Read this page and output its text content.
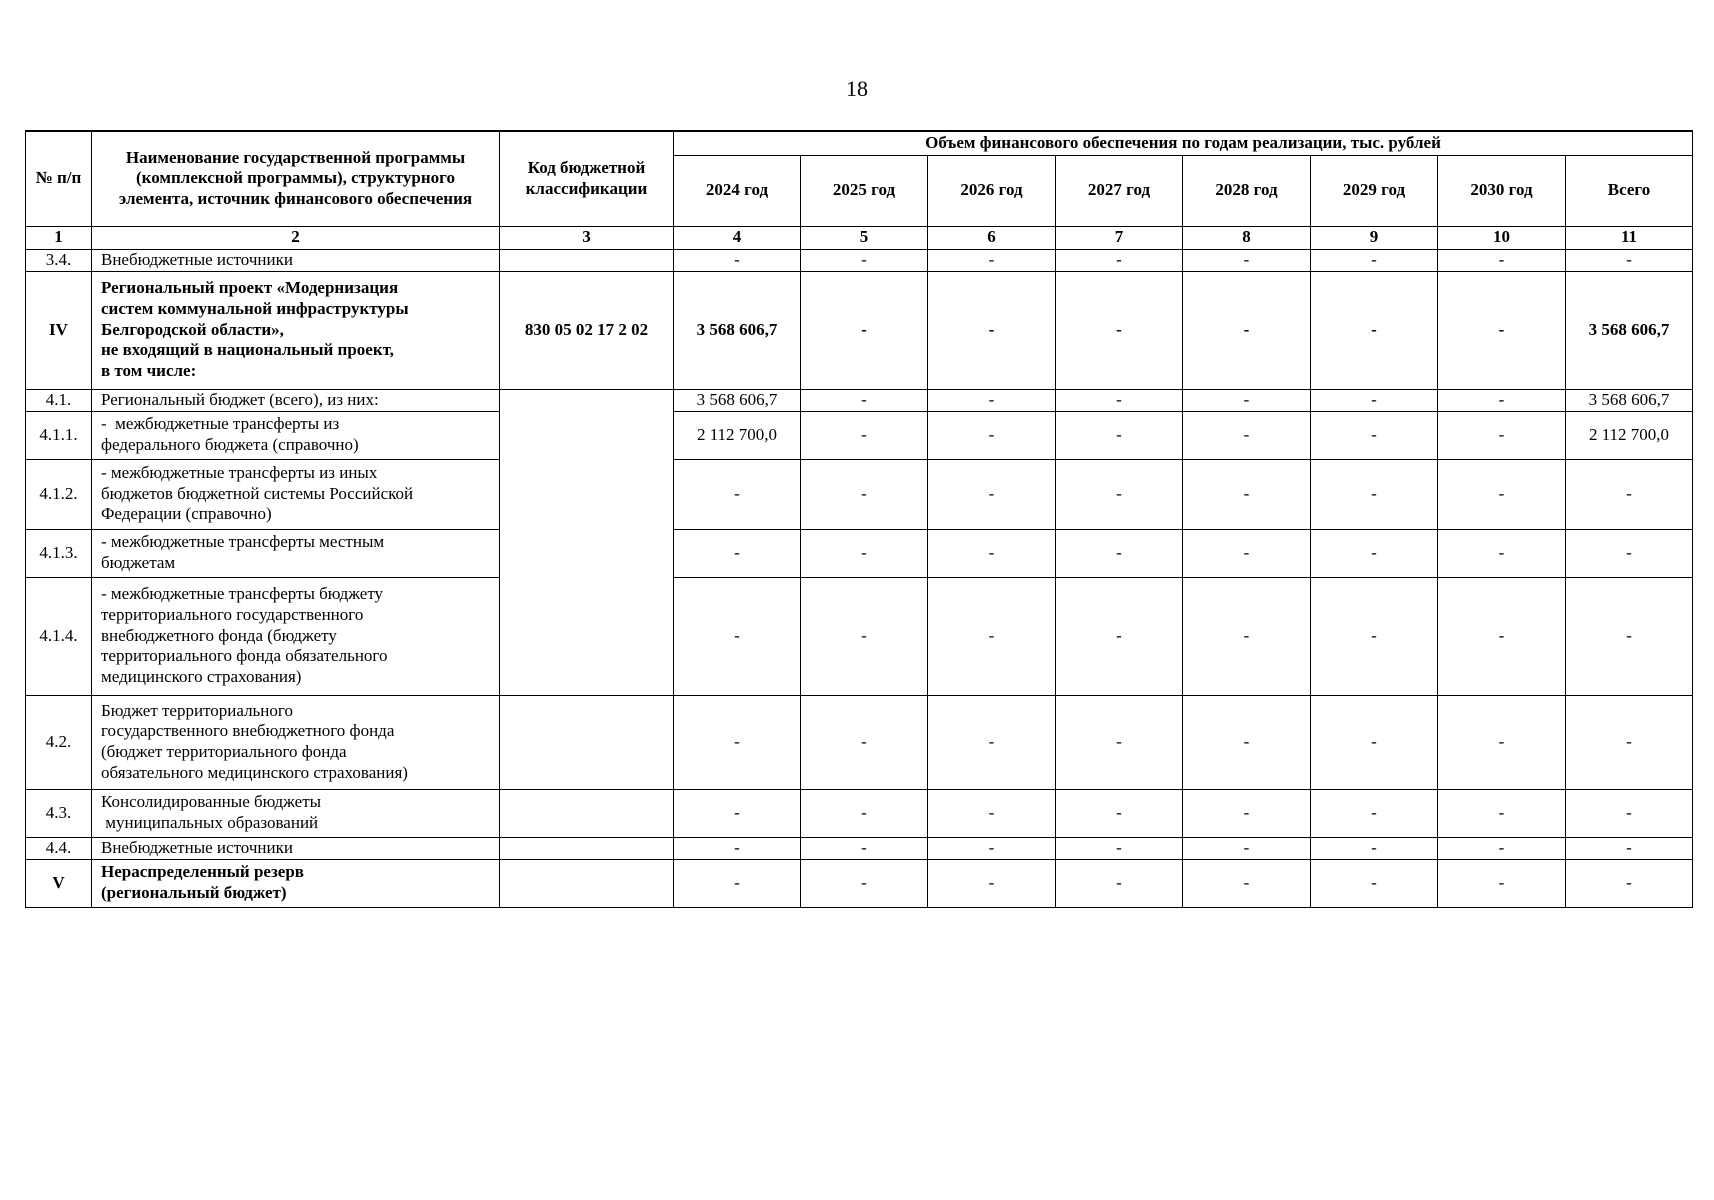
18
№ п/п	Наименование государственной программы (комплексной программы), структурного элемента, источник финансового обеспечения	Код бюджетной классификации	Объем финансового обеспечения по годам реализации, тыс. рублей							
			2024 год	2025 год	2026 год	2027 год	2028 год	2029 год	2030 год	Всего
1	2	3	4	5	6	7	8	9	10	11
3.4.	Внебюджетные источники		-	-	-	-	-	-	-	-
IV	Региональный проект «Модернизация
систем коммунальной инфраструктуры
Белгородской области»,
не входящий в национальный проект,
в том числе:	830 05 02 17 2 02	3 568 606,7	-	-	-	-	-	-	3 568 606,7
4.1.	Региональный бюджет (всего), из них:		3 568 606,7	-	-	-	-	-	-	3 568 606,7
4.1.1.	-  межбюджетные трансферты из
федерального бюджета (справочно)		2 112 700,0	-	-	-	-	-	-	2 112 700,0
4.1.2.	- межбюджетные трансферты из иных
бюджетов бюджетной системы Российской
Федерации (справочно)		-	-	-	-	-	-	-	-
4.1.3.	- межбюджетные трансферты местным
бюджетам		-	-	-	-	-	-	-	-
4.1.4.	- межбюджетные трансферты бюджету
территориального государственного
внебюджетного фонда (бюджету
территориального фонда обязательного
медицинского страхования)		-	-	-	-	-	-	-	-
4.2.	Бюджет территориального
государственного внебюджетного фонда
(бюджет территориального фонда
обязательного медицинского страхования)		-	-	-	-	-	-	-	-
4.3.	Консолидированные бюджеты
муниципальных образований		-	-	-	-	-	-	-	-
4.4.	Внебюджетные источники		-	-	-	-	-	-	-	-
V	Нераспределенный резерв
(региональный бюджет)		-	-	-	-	-	-	-	-
